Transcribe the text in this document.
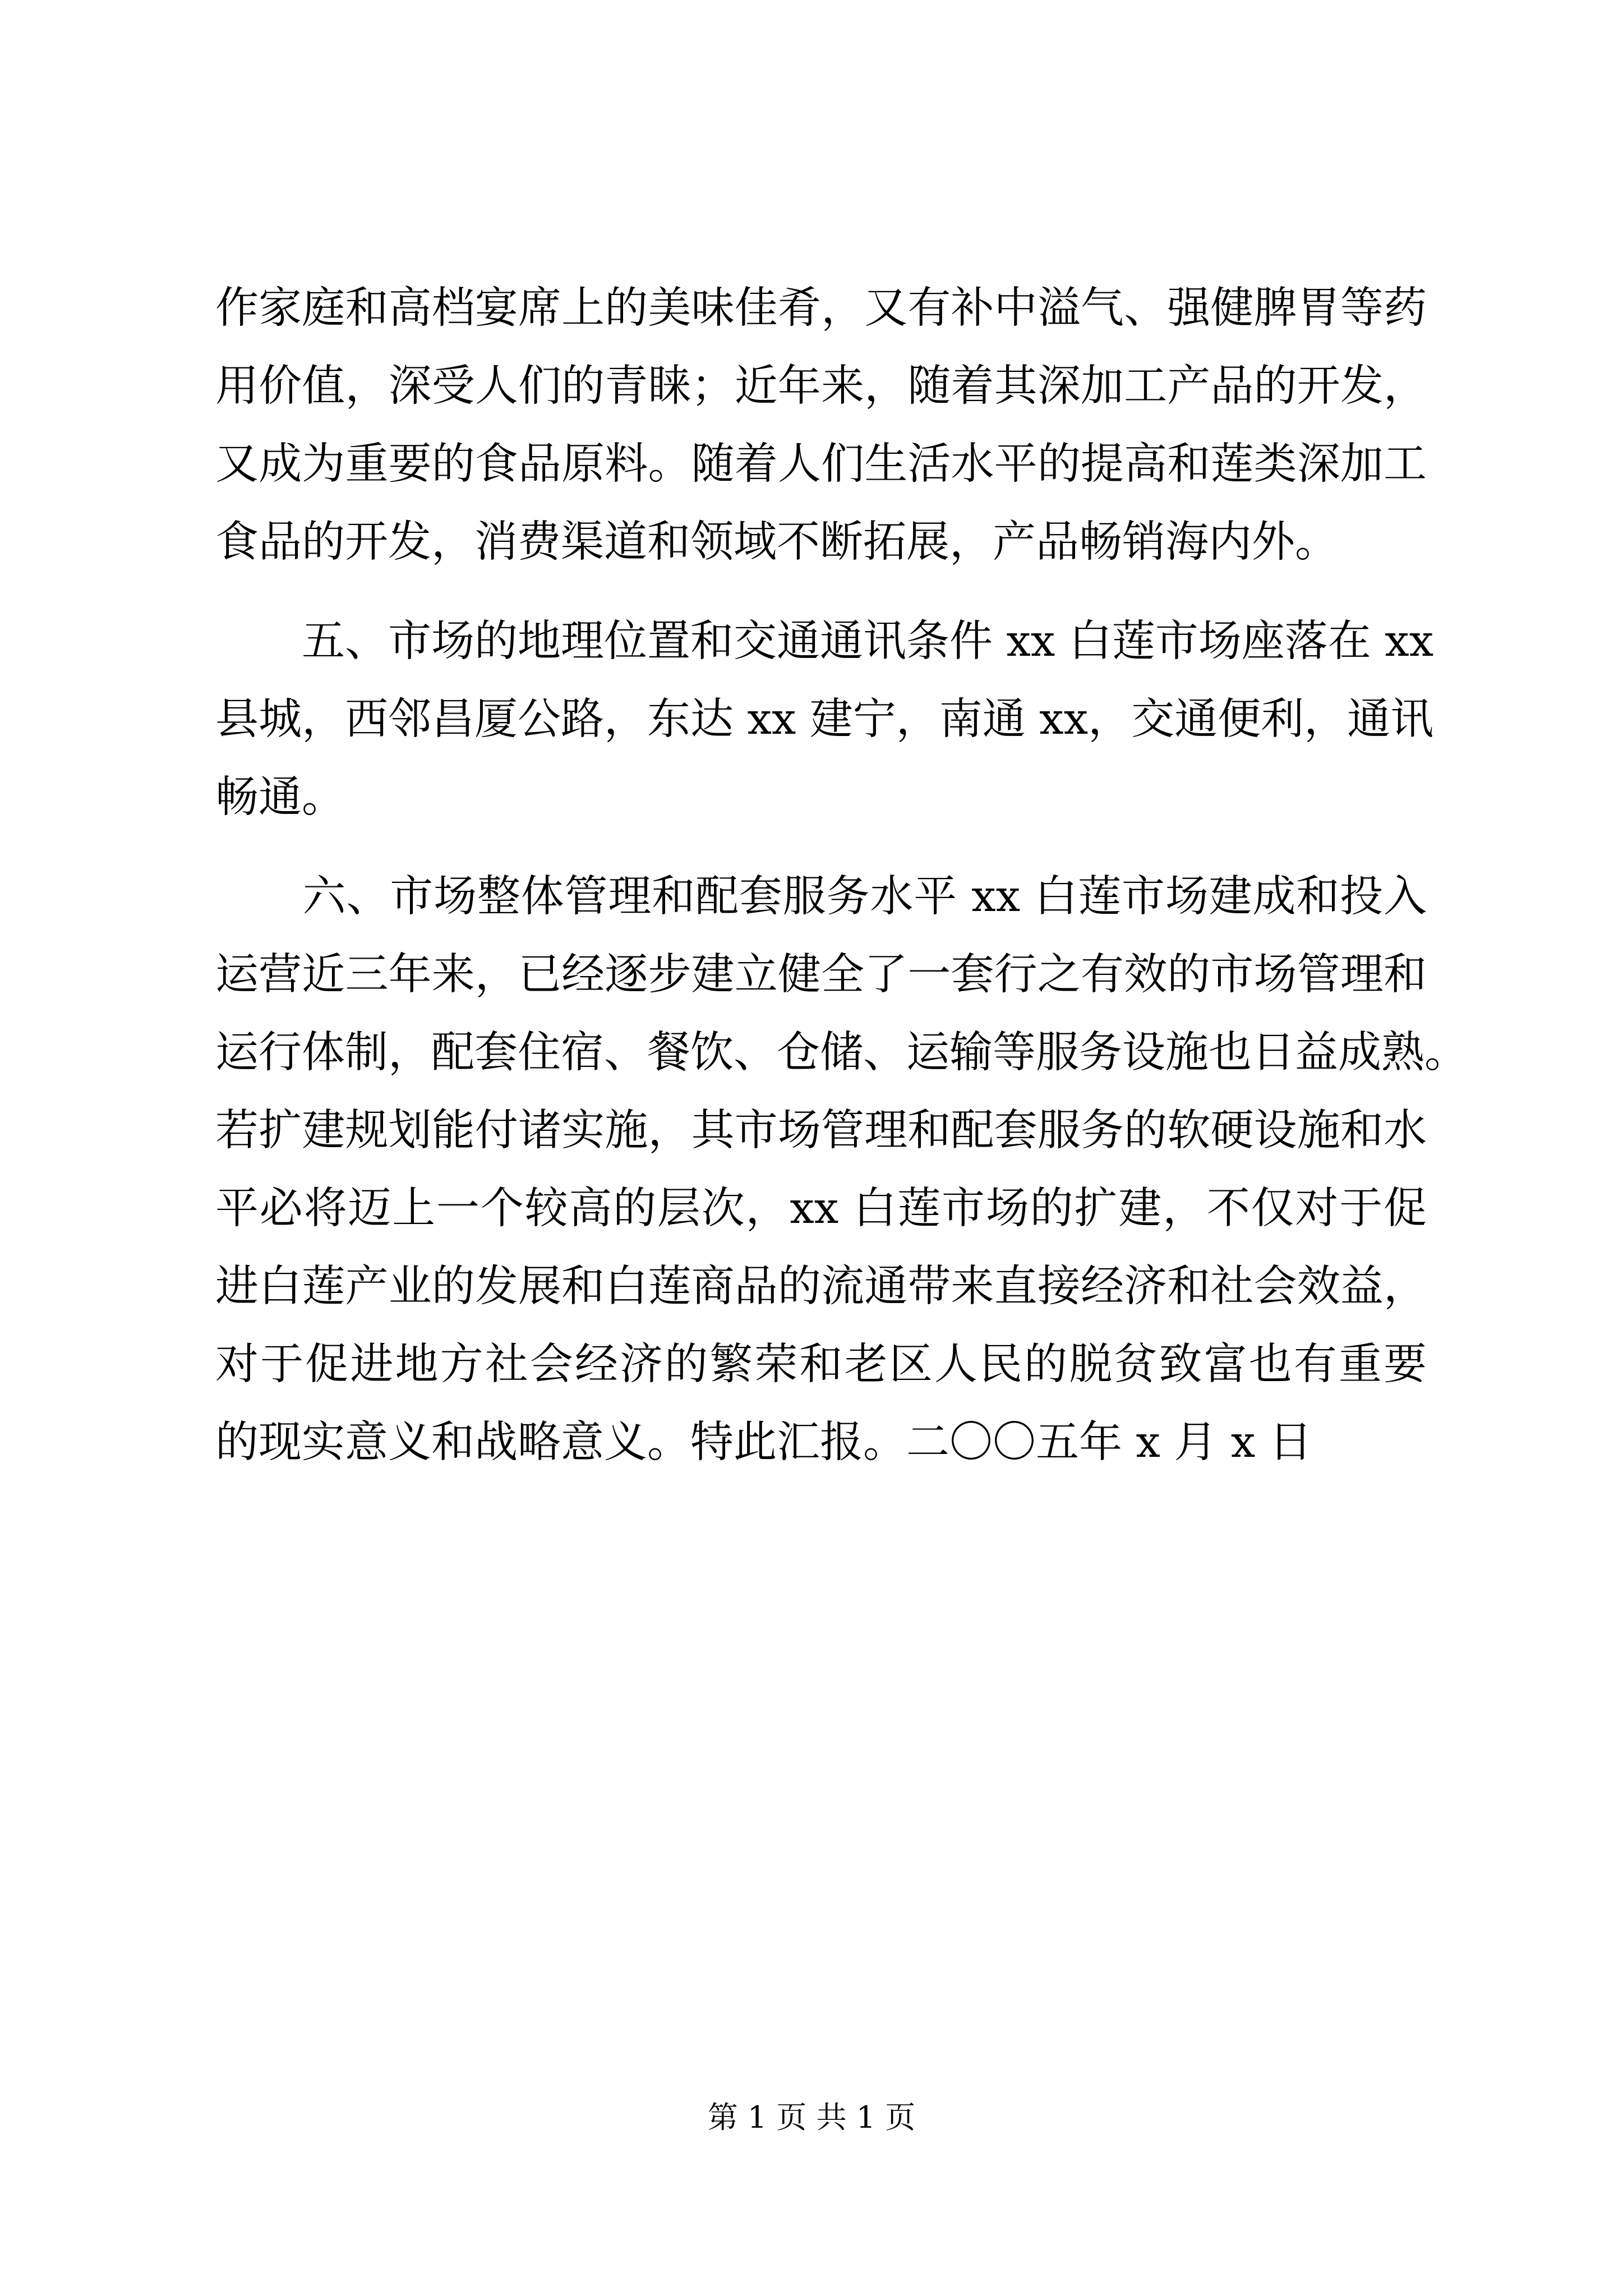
作家庭和高档宴席上的美味佳肴，又有补中溢气、强健脾胃等药
用价值，深受人们的青睐；近年来，随着其深加工产品的开发，
又成为重要的食品原料。随着人们生活水平的提高和莲类深加工
食品的开发，消费渠道和领域不断拓展，产品畅销海内外。
　　五、市场的地理位置和交通通讯条件 xx 白莲市场座落在 xx
县城，西邻昌厦公路，东达 xx 建宁，南通 xx，交通便利，通讯
畅通。
　　六、市场整体管理和配套服务水平 xx 白莲市场建成和投入
运营近三年来，已经逐步建立健全了一套行之有效的市场管理和
运行体制，配套住宿、餐饮、仓储、运输等服务设施也日益成熟。
若扩建规划能付诸实施，其市场管理和配套服务的软硬设施和水
平必将迈上一个较高的层次，xx 白莲市场的扩建，不仅对于促
进白莲产业的发展和白莲商品的流通带来直接经济和社会效益，
对于促进地方社会经济的繁荣和老区人民的脱贫致富也有重要
的现实意义和战略意义。特此汇报。二〇〇五年 x 月 x 日
第 1 页 共 1 页
